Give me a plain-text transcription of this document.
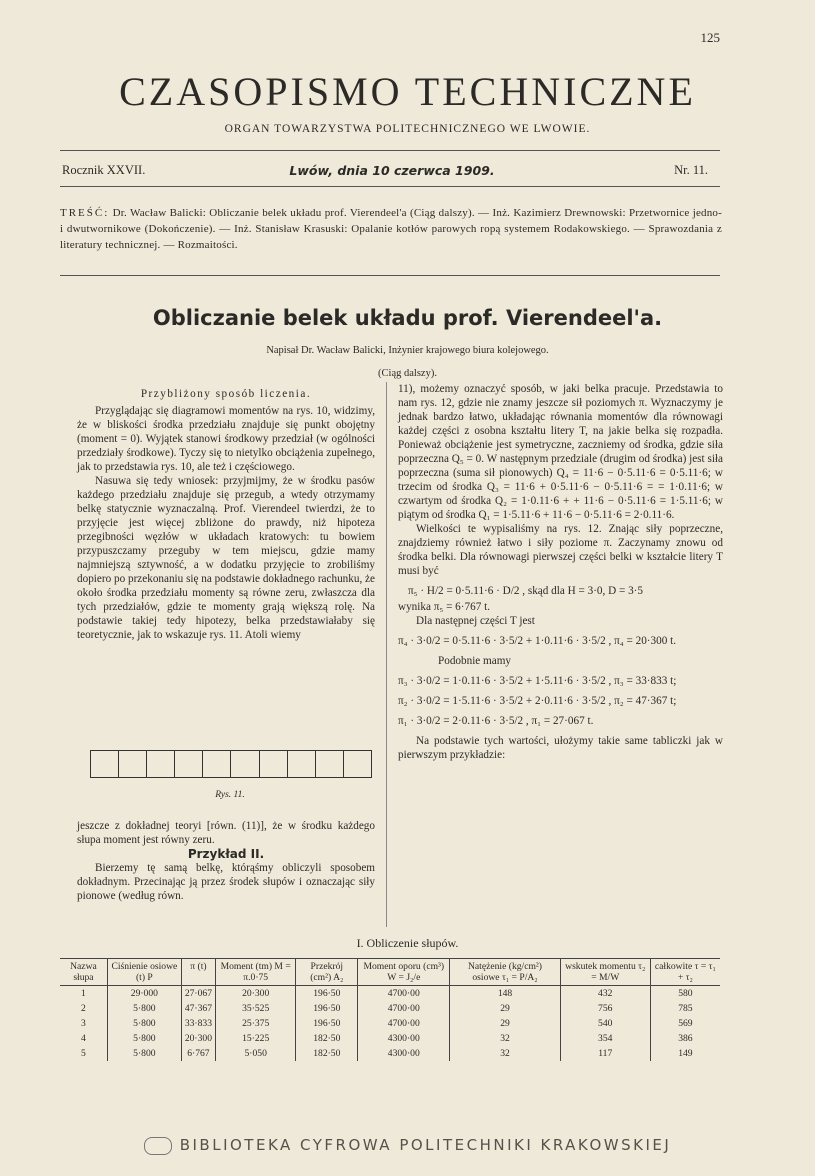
125
CZASOPISMO TECHNICZNE
ORGAN TOWARZYSTWA POLITECHNICZNEGO WE LWOWIE.
Rocznik XXVII.	Lwów, dnia 10 czerwca 1909.	Nr. 11.
TREŚĆ: Dr. Wacław Balicki: Obliczanie belek układu prof. Vierendeel'a (Ciąg dalszy). — Inż. Kazimierz Drewnowski: Przetwornice jedno- i dwutwornikowe (Dokończenie). — Inż. Stanisław Krasuski: Opalanie kotłów parowych ropą systemem Rodakowskiego. — Sprawozdania z literatury technicznej. — Rozmaitości.
Obliczanie belek układu prof. Vierendeel'a.
Napisał Dr. Wacław Balicki, Inżynier krajowego biura kolejowego.
(Ciąg dalszy).

Przybliżony sposób liczenia.

Przyglądając się diagramowi momentów na rys. 10, widzimy, że w bliskości środka przedziału znajduje się punkt obojętny (moment = 0). Wyjątek stanowi środkowy przedział (w ogólności przedziały środkowe). Tyczy się to nietylko obciążenia zupełnego, jak to przedstawia rys. 10, ale też i częściowego.

Nasuwa się tedy wniosek: przyjmijmy, że w środku pasów każdego przedziału znajduje się przegub, a wtedy otrzymamy belkę statycznie wyznaczalną. Prof. Vierendeel twierdzi, że to przyjęcie jest więcej zbliżone do prawdy, niż hipoteza przegibności węzłów w układach kratowych: tu bowiem przypuszczamy przeguby w tem miejscu, gdzie mamy najmniejszą sztywność, a w dodatku przyjęcie to zrobiliśmy dopiero po przekonaniu się na podstawie dokładnego rachunku, że około środka przedziału momenty są równe zeru, zwłaszcza dla tych przedziałów, gdzie te momenty grają większą rolę. Na podstawie takiej tedy hipotezy, belka przedstawiałaby się teoretycznie, jak to wskazuje rys. 11. Atoli wiemy

Rys. 11.

jeszcze z dokładnej teoryi [równ. (11)], że w środku każdego słupa moment jest równy zeru.

Przykład II.

Bierzemy tę samą belkę, którąśmy obliczyli sposobem dokładnym. Przecinając ją przez środek słupów i oznaczając siły pionowe (według równ.

11), możemy oznaczyć sposób, w jaki belka pracuje. Przedstawia to nam rys. 12, gdzie nie znamy jeszcze sił poziomych π. Wyznaczymy je jednak bardzo łatwo, układając równania momentów dla równowagi każdej części z osobna kształtu litery T, na jakie belka się rozpadła. Ponieważ obciążenie jest symetryczne, zaczniemy od środka, gdzie siła poprzeczna Q₅ = 0. W następnym przedziale (drugim od środka) jest siła poprzeczna (suma sił pionowych) Q₄ = 11·6 − 0·5.11·6 = 0·5.11·6; w trzecim od środka Q₃ = 11·6 + 0·5.11·6 − 0·5.11·6 = = 1·0.11·6; w czwartym od środka Q₂ = 1·0.11·6 + + 11·6 − 0·5.11·6 = 1·5.11·6; w piątym od środka Q₁ = 1·5.11·6 + 11·6 − 0·5.11·6 = 2·0.11·6.

Wielkości te wypisaliśmy na rys. 12. Znając siły poprzeczne, znajdziemy również łatwo i siły poziome π. Zaczynamy znowu od środka belki. Dla równowagi pierwszej części belki w kształcie litery T musi być

π₅ · H/2 = 0·5.11·6 · D/2 , skąd dla H = 3·0, D = 3·5

wynika π₅ = 6·767 t.

Dla następnej części T jest

π₄ · 3·0/2 = 0·5.11·6 · 3·5/2 + 1·0.11·6 · 3·5/2 , π₄ = 20·300 t.

Podobnie mamy

π₃ · 3·0/2 = 1·0.11·6 · 3·5/2 + 1·5.11·6 · 3·5/2 , π₃ = 33·833 t;

π₂ · 3·0/2 = 1·5.11·6 · 3·5/2 + 2·0.11·6 · 3·5/2 , π₂ = 47·367 t;

π₁ · 3·0/2 = 2·0.11·6 · 3·5/2 , π₁ = 27·067 t.

Na podstawie tych wartości, ułożymy takie same tabliczki jak w pierwszym przykładzie:

I. Obliczenie słupów.
Nazwa słupa	Ciśnienie osiowe (t) P	π (t)	Moment (tm) M = π.0·75	Przekrój (cm²) A₂	Moment oporu (cm³) W = J₂/e	Natężenie (kg/cm²) osiowe τ₁ = P/A₂	wskutek momentu τ₂ = M/W	całkowite τ = τ₁ + τ₂
1	29·000	27·067	20·300	196·50	4700·00	148	432	580
2	5·800	47·367	35·525	196·50	4700·00	29	756	785
3	5·800	33·833	25·375	196·50	4700·00	29	540	569
4	5·800	20·300	15·225	182·50	4300·00	32	354	386
5	5·800	6·767	5·050	182·50	4300·00	32	117	149
BIBLIOTEKA CYFROWA POLITECHNIKI KRAKOWSKIEJ
